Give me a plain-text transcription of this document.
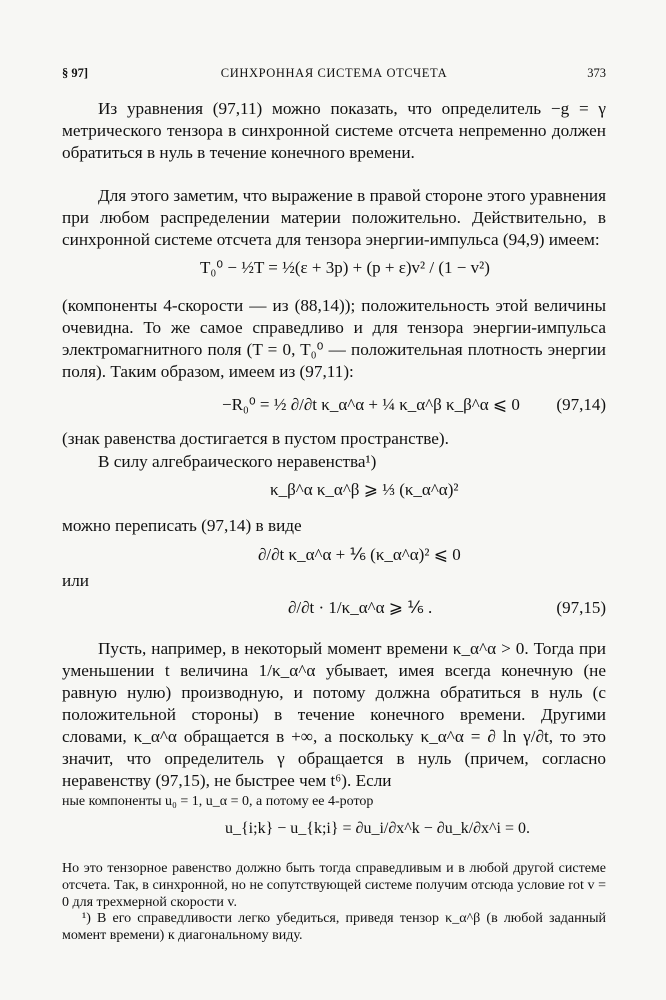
§ 97]	СИНХРОННАЯ СИСТЕМА ОТСЧЕТА	373
Из уравнения (97,11) можно показать, что определитель −g = γ метрического тензора в синхронной системе отсчета непременно должен обратиться в нуль в течение конечного времени.
Для этого заметим, что выражение в правой стороне этого уравнения при любом распределении материи положительно. Действительно, в синхронной системе отсчета для тензора энергии-импульса (94,9) имеем:
T₀⁰ − ½T = ½(ε + 3p) + (p + ε)v² / (1 − v²)
(компоненты 4-скорости — из (88,14)); положительность этой величины очевидна. То же самое справедливо и для тензора энергии-импульса электромагнитного поля (T = 0, T₀⁰ — положительная плотность энергии поля). Таким образом, имеем из (97,11):
−R₀⁰ = ½ ∂/∂t κ_α^α + ¼ κ_α^β κ_β^α ⩽ 0 (97,14)
(знак равенства достигается в пустом пространстве).
В силу алгебраического неравенства¹)
κ_β^α κ_α^β ⩾ ⅓ (κ_α^α)²
можно переписать (97,14) в виде
∂/∂t κ_α^α + ⅙ (κ_α^α)² ⩽ 0
или
∂/∂t · 1/κ_α^α ⩾ ⅙ .	(97,15)
Пусть, например, в некоторый момент времени κ_α^α > 0. Тогда при уменьшении t величина 1/κ_α^α убывает, имея всегда конечную (не равную нулю) производную, и потому должна обратиться в нуль (с положительной стороны) в течение конечного времени. Другими словами, κ_α^α обращается в +∞, а поскольку κ_α^α = ∂ ln γ/∂t, то это значит, что определитель γ обращается в нуль (причем, согласно неравенству (97,15), не быстрее чем t⁶). Если
ные компоненты u₀ = 1, u_α = 0, а потому ее 4-ротор
u_{i;k} − u_{k;i} = ∂u_i/∂x^k − ∂u_k/∂x^i = 0.
Но это тензорное равенство должно быть тогда справедливым и в любой другой системе отсчета. Так, в синхронной, но не сопутствующей системе получим отсюда условие rot v = 0 для трехмерной скорости v.
¹) В его справедливости легко убедиться, приведя тензор κ_α^β (в любой заданный момент времени) к диагональному виду.
